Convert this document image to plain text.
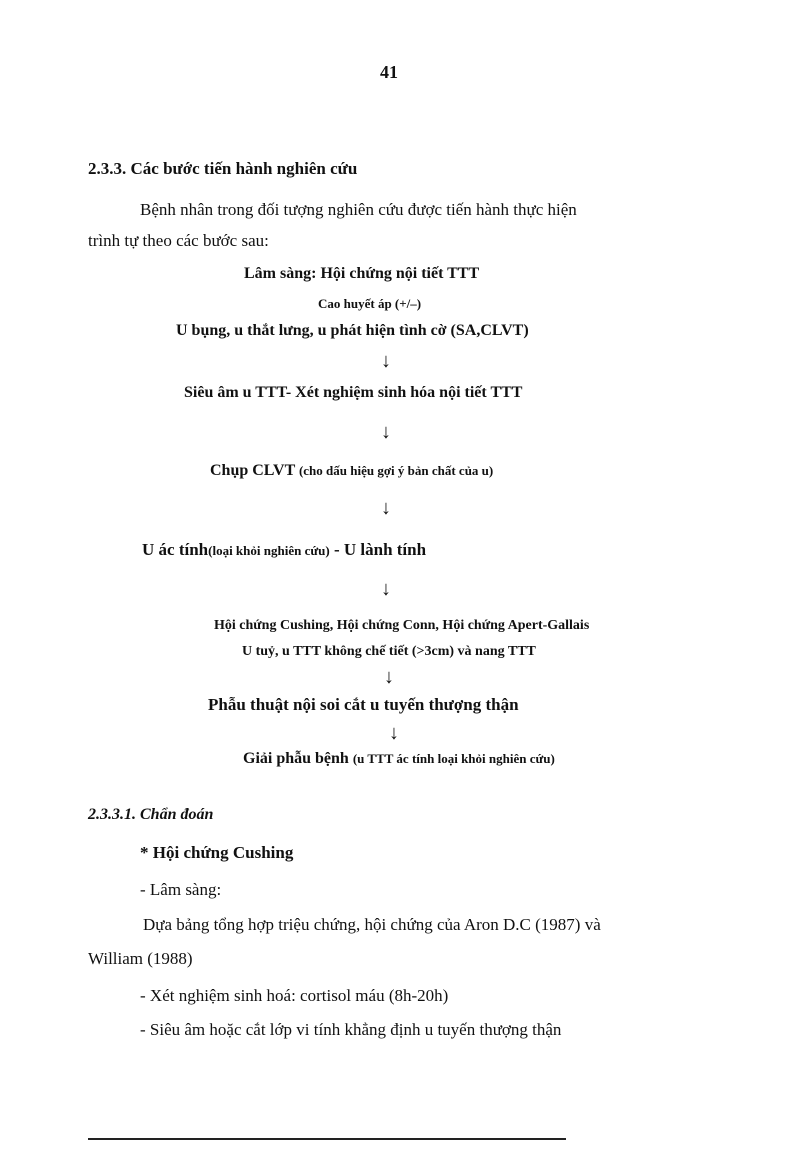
41
2.3.3. Các bước tiến hành nghiên cứu
Bệnh nhân trong đối tượng nghiên cứu được tiến hành thực hiện
trình tự theo các bước sau:
Lâm sàng: Hội chứng nội tiết TTT
Cao huyết áp (+/–)
U bụng, u thắt lưng, u phát hiện tình cờ (SA,CLVT)
↓
Siêu âm u TTT- Xét nghiệm sinh hóa nội tiết TTT
↓
Chụp CLVT (cho dấu hiệu gợi ý bản chất của u)
↓
U ác tính(loại khỏi nghiên cứu) - U lành tính
↓
Hội chứng Cushing, Hội chứng Conn, Hội chứng Apert-Gallais
U tuỷ, u TTT không chế tiết (>3cm) và nang TTT
↓
Phẫu thuật nội soi cắt u tuyến thượng thận
↓
Giải phẫu bệnh (u TTT ác tính loại khỏi nghiên cứu)
2.3.3.1. Chẩn đoán
* Hội chứng Cushing
- Lâm sàng:
Dựa bảng tổng hợp triệu chứng, hội chứng của Aron D.C (1987) và
William (1988)
- Xét nghiệm sinh hoá: cortisol máu (8h-20h)
- Siêu âm hoặc cắt lớp vi tính khẳng định u tuyến thượng thận
